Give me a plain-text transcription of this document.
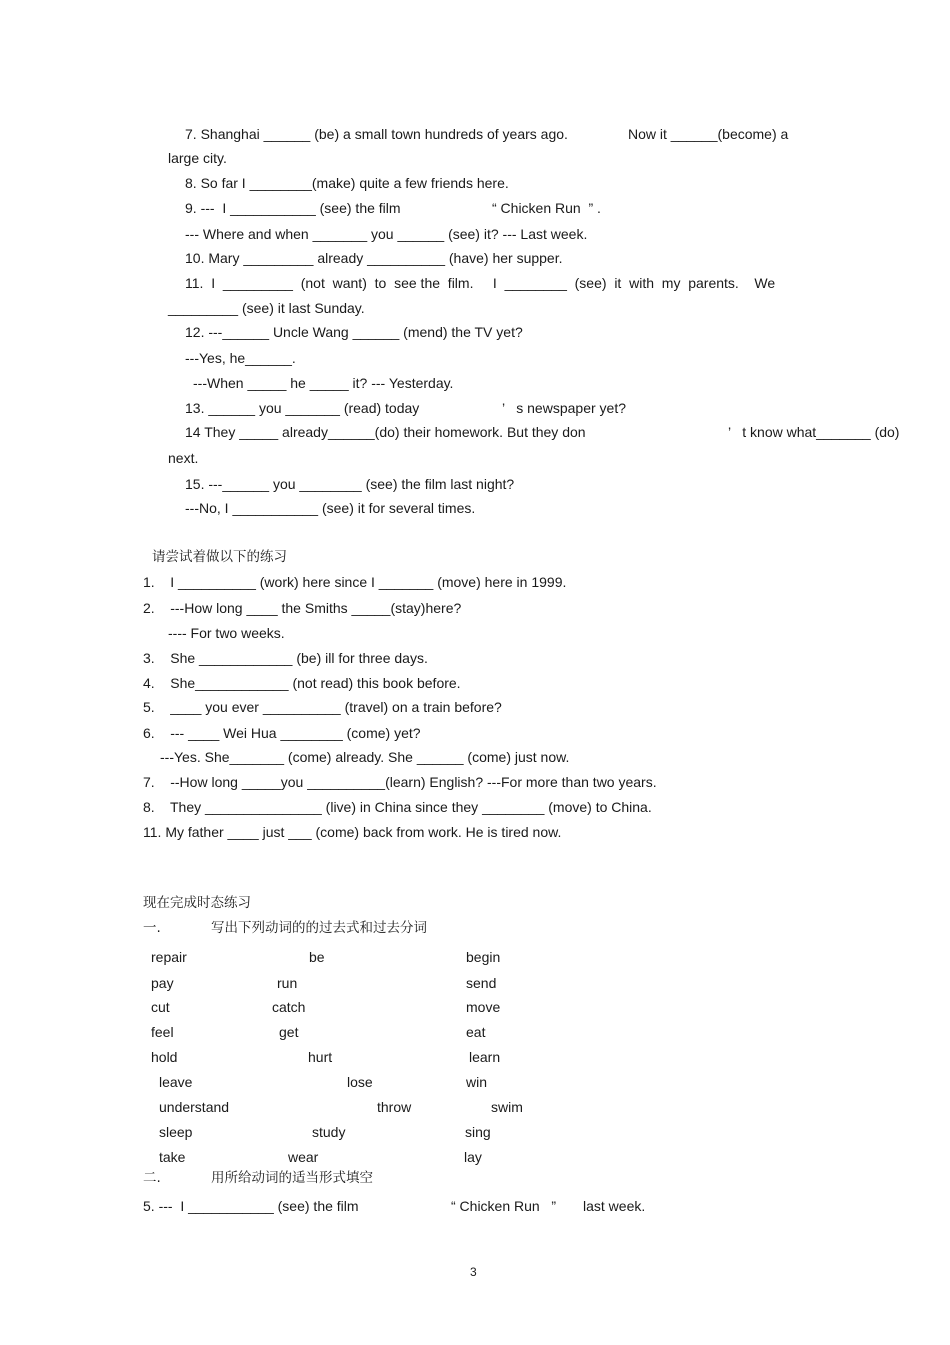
7. Shanghai ______ (be) a small town hundreds of years ago.	Now it ______(become) a
large city.
8. So far I ________(make) quite a few friends here.
9. ---  I ___________ (see) the film	“ Chicken Run  ” .
--- Where and when _______ you ______ (see) it? --- Last week.
10. Mary _________ already __________ (have) her supper.
11.  I  _________  (not  want)  to  see the  film.     I  ________  (see)  it  with  my  parents.    We
_________ (see) it last Sunday.
12. ---______ Uncle Wang ______ (mend) the TV yet?
---Yes, he______.
---When _____ he _____ it? --- Yesterday.
13. ______ you _______ (read) today	’   s newspaper yet?
14 They _____ already______(do) their homework. But they don	’   t know what_______ (do)
next.
15. ---______ you ________ (see) the film last night?
---No, I ___________ (see) it for several times.
请尝试着做以下的练习
1.    I __________ (work) here since I _______ (move) here in 1999.
2.    ---How long ____ the Smiths _____(stay)here?
---- For two weeks.
3.    She ____________ (be) ill for three days.
4.    She____________ (not read) this book before.
5.    ____ you ever __________ (travel) on a train before?
6.    --- ____ Wei Hua ________ (come) yet?
---Yes. She_______ (come) already. She ______ (come) just now.
7.    --How long _____you __________(learn) English? ---For more than two years.
8.    They _______________ (live) in China since they ________ (move) to China.
11. My father ____ just ___ (come) back from work. He is tired now.
现在完成时态练习
一.	写出下列动词的的过去式和过去分词
repair	be	begin
pay	run	send
cut	catch	move
feel	get	eat
hold	hurt	learn
leave	lose	win
understand	throw	swim
sleep	study	sing
take	wear	lay
二.	用所给动词的适当形式填空
5. ---  I ___________ (see) the film	“ Chicken Run   ” last week.
3
